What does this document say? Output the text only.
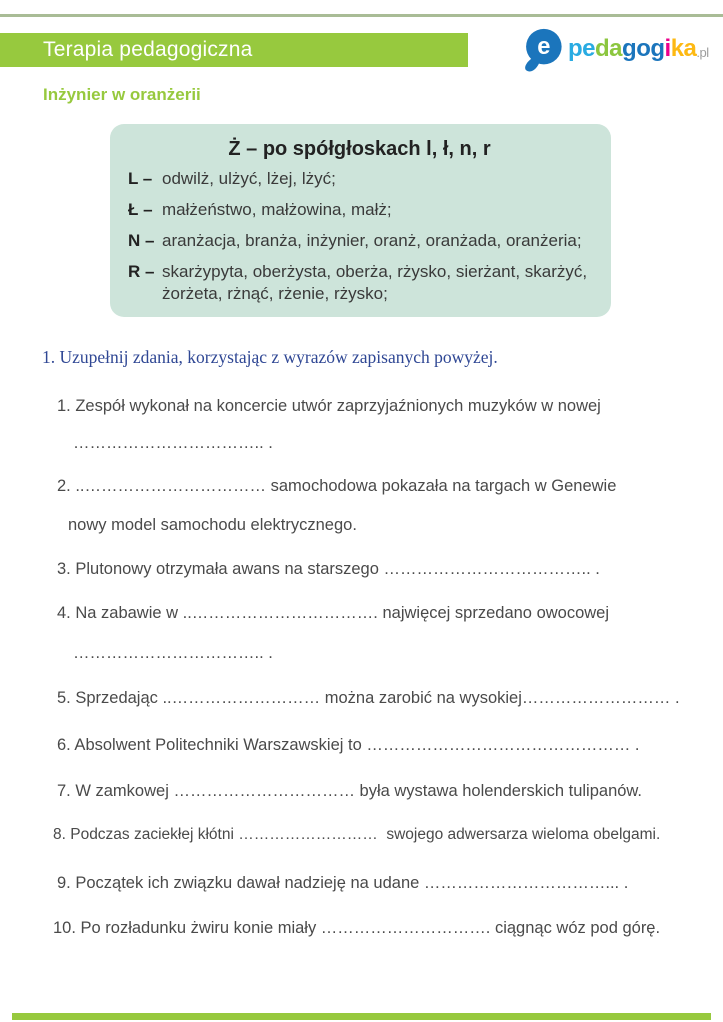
Terapia pedagogiczna	e pedagogika.pl
Inżynier w oranżerii
Ż – po spółgłoskach l, ł, n, r
L – odwilż, ulżyć, lżej, lżyć;
Ł – małżeństwo, małżowina, małż;
N – aranżacja, branża, inżynier, oranż, oranżada, oranżeria;
R – skarżypyta, oberżysta, oberża, rżysko, sierżant, skarżyć, żorżeta, rżnąć, rżenie, rżysko;
1. Uzupełnij zdania, korzystając z wyrazów zapisanych powyżej.
1. Zespół wykonał na koncercie utwór zaprzyjaźnionych muzyków w nowej
…………………………….. .
2. ..…………………………… samochodowa pokazała na targach w Genewie
nowy model samochodu elektrycznego.
3. Plutonowy otrzymała awans na starszego ……………………………….. .
4. Na zabawie w ..……………………………. najwięcej sprzedano owocowej
…………………………….. .
5. Sprzedając ..……………………… można zarobić na wysokiej……………………… .
6. Absolwent Politechniki Warszawskiej to ………………………………………… .
7. W zamkowej …………………………… była wystawa holenderskich tulipanów.
8. Podczas zaciekłej kłótni ………………………  swojego adwersarza wieloma obelgami.
9. Początek ich związku dawał nadzieję na udane ……………………………... .
10. Po rozładunku żwiru konie miały …………………………. ciągnąc wóz pod górę.
